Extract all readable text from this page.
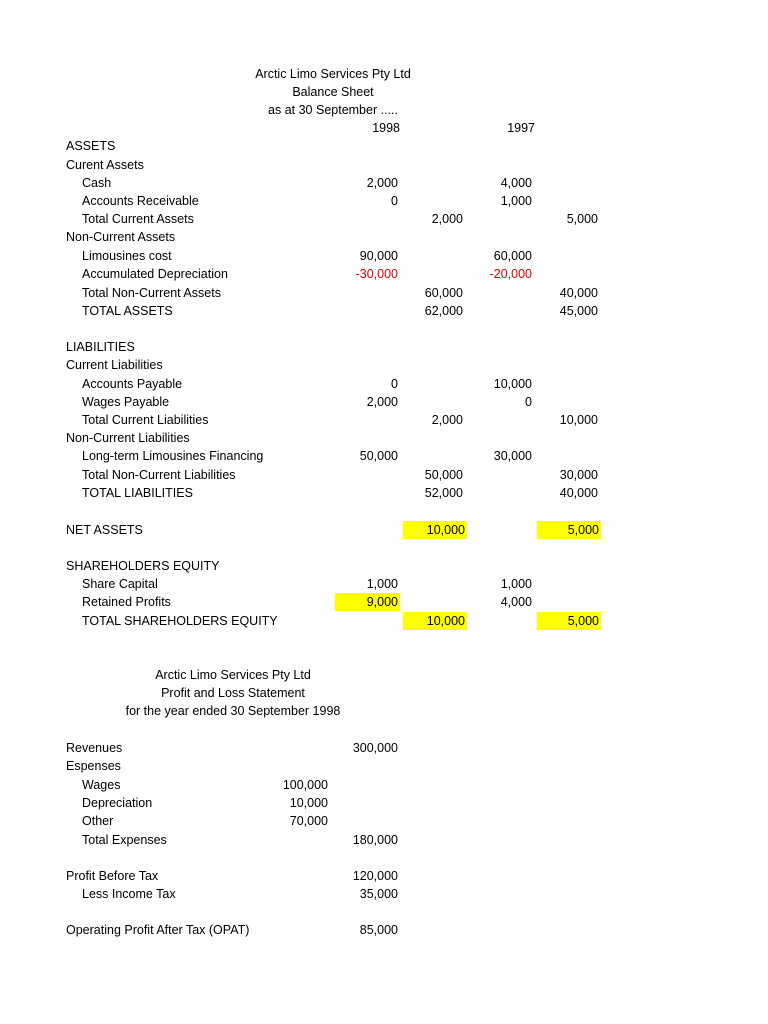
Arctic Limo Services Pty Ltd
Balance Sheet
as at 30 September .....
1998	1997
ASSETS
Curent Assets
Cash	2,000	4,000
Accounts Receivable	0	1,000
Total Current Assets	2,000	5,000
Non-Current Assets
Limousines cost	90,000	60,000
Accumulated Depreciation	-30,000	-20,000
Total Non-Current Assets	60,000	40,000
TOTAL ASSETS	62,000	45,000
LIABILITIES
Current Liabilities
Accounts Payable	0	10,000
Wages Payable	2,000	0
Total Current Liabilities	2,000	10,000
Non-Current Liabilities
Long-term Limousines Financing	50,000	30,000
Total Non-Current Liabilities	50,000	30,000
TOTAL LIABILITIES	52,000	40,000
NET ASSETS	10,000	5,000
SHAREHOLDERS EQUITY
Share Capital	1,000	1,000
Retained Profits	9,000	4,000
TOTAL SHAREHOLDERS EQUITY	10,000	5,000
Arctic Limo Services Pty Ltd
Profit and Loss Statement
for the year ended 30 September 1998
Revenues	300,000
Espenses
Wages	100,000
Depreciation	10,000
Other	70,000
Total Expenses	180,000
Profit Before Tax	120,000
Less Income Tax	35,000
Operating Profit After Tax (OPAT)	85,000
